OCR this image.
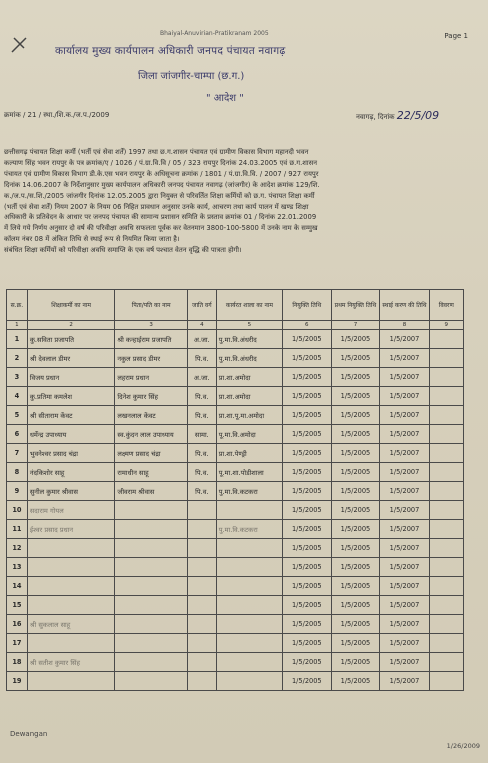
Bhaiyal-Anuvirian-Pratikranam 2005	Page 1
कार्यालय मुख्य कार्यपालन अधिकारी जनपद पंचायत नवागढ़
जिला जांजगीर-चाम्पा (छ.ग.)
" आदेश "
क्रमांक / 21 / स्था./शि.क./ज.प./2009	नवागढ़, दिनांक 22/5/09
छत्तीसगढ़ पंचायत शिक्षा कर्मी (भर्ती एवं सेवा शर्तें) 1997 तथा छ.ग.शासन पंचायत एवं ग्रामीण विकास विभाग महानदी भवन
कल्याण सिंह भवन रायपुर के पत्र क्रमांक/ए / 1026 / पं.ग्रा.वि.वि / 05 / 323 रायपुर दिनांक 24.03.2005 एवं छ.ग.शासन
पंचायत एवं ग्रामीण विकास विभाग डी.के.एस भवन रायपुर के अधिसूचना क्रमांक / 1801 / पं.ग्रा.वि.वि. / 2007 / 927 रायपुर
दिनांक 14.06.2007 के निर्देशानुसार मुख्य कार्यपालन अधिकारी जनपद पंचायत नवागढ़ (जांजगीर) के आदेश क्रमांक 129/शि.
क./ज.प./स.शि./2005 जांजगीर दिनांक 12.05.2005 द्वारा नियुक्त से परिवर्तित शिक्षा कर्मियों को छ.ग. पंचायत शिक्षा कर्मी
(भर्ती एवं सेवा शर्तें) नियम 2007 के नियम 06 निहित प्रावधान अनुसार उनके कार्य, आचरण तथा कार्य पालन में खण्ड शिक्षा
अधिकारी के प्रतिवेदन के आधार पर जनपद पंचायत की सामान्य प्रशासन समिति के प्रस्ताव क्रमांक 01 / दिनांक 22.01.2009
में लिये गये निर्णय अनुसार दो वर्ष की परिवीक्षा अवधि सफलता पूर्वक कर वेतनमान 3800-100-5800 में उनके नाम के सम्मुख
कॉलम नंबर 08 में अंकित तिथि से स्थाई रूप से नियमित किया जाता है।
संबंधित शिक्षा कर्मियों को परिवीक्षा अवधि समाप्ति के एक वर्ष पश्चात वेतन वृद्धि की पात्रता होगी।
स.क्र.	शिक्षाकर्मी का नाम	पिता/पति का नाम	जाति वर्ग	कार्यरत शाला का नाम	नियुक्ति तिथि	प्रथम नियुक्ति तिथि	स्थाई करण की तिथि	विवरण
1	2	3	4	5	6	7	8	9
1	कु.सविता प्रजापति	श्री कन्हाईराम प्रजापति	अ.जा.	पु.मा.वि.अंधरीद	1/5/2005	1/5/2005	1/5/2007	
2	श्री देवलाल डीमर	नकुल प्रसाद डीमर	पि.व.	पु.मा.वि.अंधरीद	1/5/2005	1/5/2005	1/5/2007	
3	विजय प्रधान	लहराम प्रधान	अ.जा.	प्रा.शा.अमोदा	1/5/2005	1/5/2005	1/5/2007	
4	कु.प्रतिमा कमलेश	दिनेश कुमार सिंह	पि.व.	प्रा.शा.अमोदा	1/5/2005	1/5/2005	1/5/2007	
5	श्री सीताराम केंवट	लखनलाल केंवट	पि.व.	प्रा.शा.पू.मा.अमोदा	1/5/2005	1/5/2005	1/5/2007	
6	धर्मेन्द्र उपाध्याय	स्व.कुंदन लाल उपाध्याय	सामा.	पू.मा.वि.अमोदा	1/5/2005	1/5/2005	1/5/2007	
7	भुवनेश्वर प्रसाद चंद्रा	लक्ष्मण प्रसाद चंद्रा	पि.व.	प्रा.शा.पेण्ड्री	1/5/2005	1/5/2005	1/5/2007	
8	नंदकिशोर साहू	रामाधीन साहू	पि.व.	पू.मा.शा.पोडीशाला	1/5/2005	1/5/2005	1/5/2007	
9	सुनील कुमार श्रीवास	जीवराम श्रीवास	पि.व.	पु.मा.वि.कटकरा	1/5/2005	1/5/2005	1/5/2007	
10	सदाराम गोयल				1/5/2005	1/5/2005	1/5/2007	
11	ईश्वर प्रसाद प्रधान			पु.मा.वि.कटकरा	1/5/2005	1/5/2005	1/5/2007	
12					1/5/2005	1/5/2005	1/5/2007	
13					1/5/2005	1/5/2005	1/5/2007	
14					1/5/2005	1/5/2005	1/5/2007	
15					1/5/2005	1/5/2005	1/5/2007	
16	श्री सुकलाल साहू				1/5/2005	1/5/2005	1/5/2007	
17					1/5/2005	1/5/2005	1/5/2007	
18	श्री सतीश कुमार सिंह				1/5/2005	1/5/2005	1/5/2007	
19					1/5/2005	1/5/2005	1/5/2007	
Dewangan
1/26/2009
